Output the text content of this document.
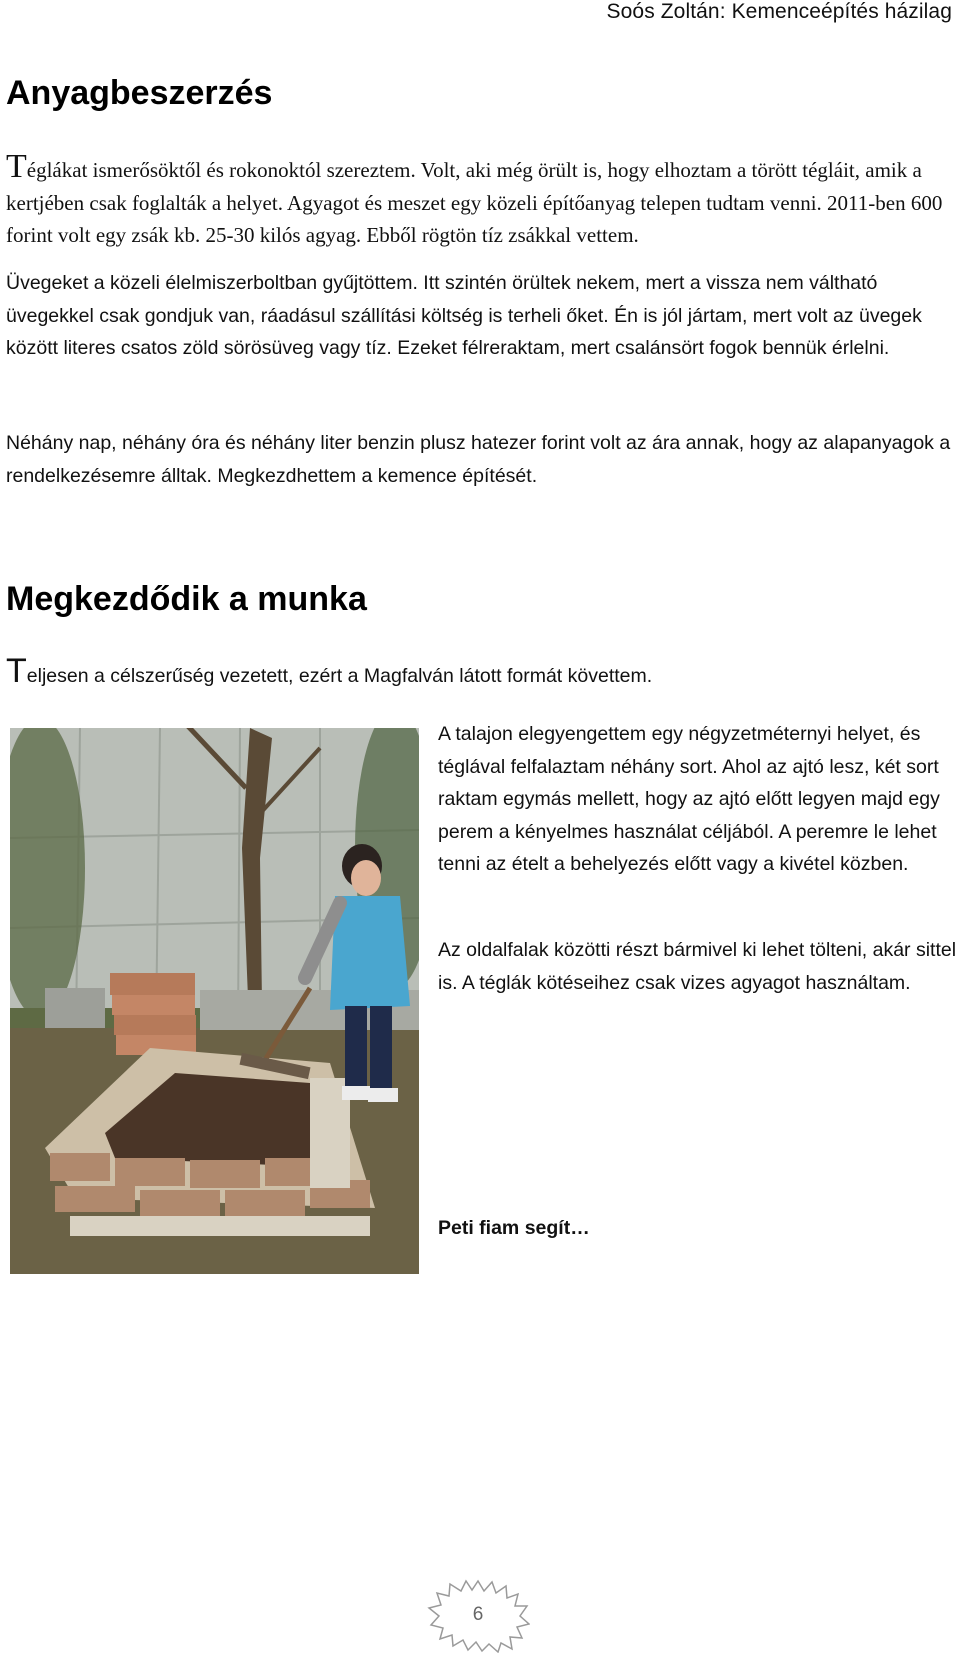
Soós Zoltán: Kemenceépítés házilag
Anyagbeszerzés

Téglákat ismerősöktől és rokonoktól szereztem. Volt, aki még örült is, hogy elhoztam a törött tégláit, amik a kertjében csak foglalták a helyet. Agyagot és meszet egy közeli építőanyag telepen tudtam venni. 2011-ben 600 forint volt egy zsák kb. 25-30 kilós agyag. Ebből rögtön tíz zsákkal vettem.

Üvegeket a közeli élelmiszerboltban gyűjtöttem. Itt szintén örültek nekem, mert a vissza nem váltható üvegekkel csak gondjuk van, ráadásul szállítási költség is terheli őket. Én is jól jártam, mert volt az üvegek között literes csatos zöld sörösüveg vagy tíz. Ezeket félreraktam, mert csalánsört fogok bennük érlelni.

Néhány nap, néhány óra és néhány liter benzin plusz hatezer forint volt az ára annak, hogy az alapanyagok a rendelkezésemre álltak. Megkezdhettem a kemence építését.

Megkezdődik a munka

Teljesen a célszerűség vezetett, ezért a Magfalván látott formát követtem.

A talajon elegyengettem egy négyzetméternyi helyet, és téglával felfalaztam néhány sort. Ahol az ajtó lesz, két sort raktam egymás mellett, hogy az ajtó előtt legyen majd egy perem a kényelmes használat céljából. A peremre le lehet tenni az ételt a behelyezés előtt vagy a kivétel közben.

Az oldalfalak közötti részt bármivel ki lehet tölteni, akár sittel is. A téglák kötéseihez csak vizes agyagot használtam.

Peti fiam segít…

6
